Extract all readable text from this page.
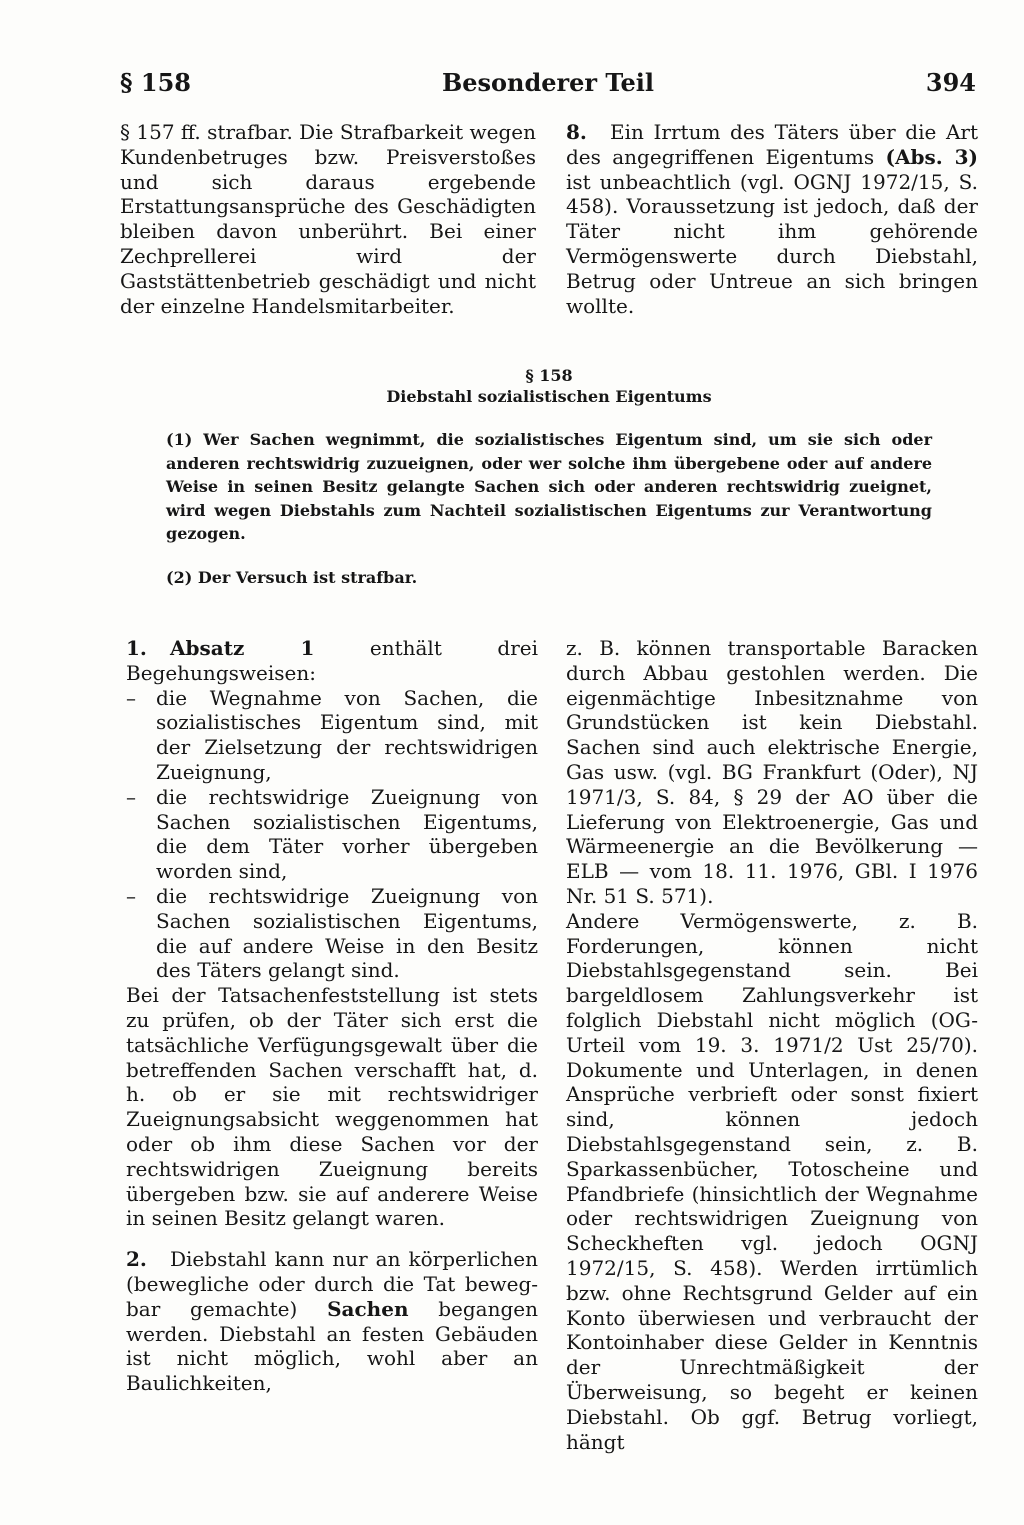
§ 158	Besonderer Teil	394

§ 157 ff. strafbar. Die Strafbarkeit wegen Kundenbetruges bzw. Preisverstoßes und sich daraus ergebende Erstattungsansprüche des Geschädigten bleiben davon unberührt. Bei einer Zechprellerei wird der Gaststättenbetrieb geschädigt und nicht der einzelne Handelsmitarbeiter.

8. Ein Irrtum des Täters über die Art des angegriffenen Eigentums (Abs. 3) ist unbeachtlich (vgl. OGNJ 1972/15, S. 458). Voraussetzung ist jedoch, daß der Täter nicht ihm gehörende Vermögenswerte durch Diebstahl, Betrug oder Untreue an sich bringen wollte.

§ 158
Diebstahl sozialistischen Eigentums
(1) Wer Sachen wegnimmt, die sozialistisches Eigentum sind, um sie sich oder anderen rechtswidrig zuzueignen, oder wer solche ihm übergebene oder auf andere Weise in seinen Besitz gelangte Sachen sich oder anderen rechtswidrig zueignet, wird wegen Diebstahls zum Nachteil sozialistischen Eigentums zur Verantwortung gezogen.
(2) Der Versuch ist strafbar.

1. Absatz 1 enthält drei Begehungsweisen:

– die Wegnahme von Sachen, die sozialistisches Eigentum sind, mit der Zielsetzung der rechtswidrigen Zueignung,

– die rechtswidrige Zueignung von Sachen sozialistischen Eigentums, die dem Täter vorher übergeben worden sind,

– die rechtswidrige Zueignung von Sachen sozialistischen Eigentums, die auf andere Weise in den Besitz des Täters gelangt sind.

Bei der Tatsachenfeststellung ist stets zu prüfen, ob der Täter sich erst die tatsächliche Verfügungsgewalt über die betreffenden Sachen verschafft hat, d. h. ob er sie mit rechtswidriger Zueignungsabsicht weggenommen hat oder ob ihm diese Sachen vor der rechtswidrigen Zueignung bereits übergeben bzw. sie auf anderere Weise in seinen Besitz gelangt waren.

2. Diebstahl kann nur an körperlichen (bewegliche oder durch die Tat beweg-bar gemachte) Sachen begangen werden. Diebstahl an festen Gebäuden ist nicht möglich, wohl aber an Baulichkeiten,

z. B. können transportable Baracken durch Abbau gestohlen werden. Die eigenmächtige Inbesitznahme von Grundstücken ist kein Diebstahl. Sachen sind auch elektrische Energie, Gas usw. (vgl. BG Frankfurt (Oder), NJ 1971/3, S. 84, § 29 der AO über die Lieferung von Elektroenergie, Gas und Wärmeenergie an die Bevölkerung — ELB — vom 18. 11. 1976, GBl. I 1976 Nr. 51 S. 571).

Andere Vermögenswerte, z. B. Forderungen, können nicht Diebstahlsgegenstand sein. Bei bargeldlosem Zahlungsverkehr ist folglich Diebstahl nicht möglich (OG-Urteil vom 19. 3. 1971/2 Ust 25/70). Dokumente und Unterlagen, in denen Ansprüche verbrieft oder sonst fixiert sind, können jedoch Diebstahlsgegenstand sein, z. B. Sparkassenbücher, Totoscheine und Pfandbriefe (hinsichtlich der Wegnahme oder rechtswidrigen Zueignung von Scheckheften vgl. jedoch OGNJ 1972/15, S. 458). Werden irrtümlich bzw. ohne Rechtsgrund Gelder auf ein Konto überwiesen und verbraucht der Kontoinhaber diese Gelder in Kenntnis der Unrechtmäßigkeit der Überweisung, so begeht er keinen Diebstahl. Ob ggf. Betrug vorliegt, hängt
